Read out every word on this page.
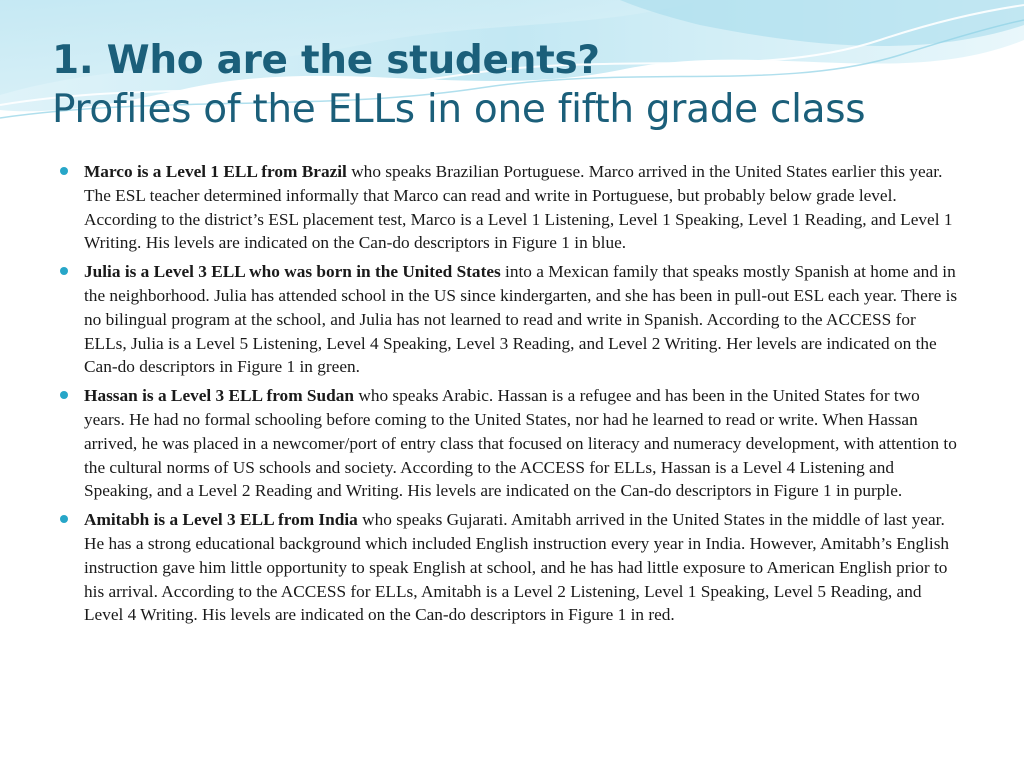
1. Who are the students?
Profiles of the ELLs in one fifth grade class
Marco is a Level 1 ELL from Brazil who speaks Brazilian Portuguese. Marco arrived in the United States earlier this year. The ESL teacher determined informally that Marco can read and write in Portuguese, but probably below grade level. According to the district’s ESL placement test, Marco is a Level 1 Listening, Level 1 Speaking, Level 1 Reading, and Level 1 Writing. His levels are indicated on the Can-do descriptors in Figure 1 in blue.
Julia is a Level 3 ELL who was born in the United States into a Mexican family that speaks mostly Spanish at home and in the neighborhood. Julia has attended school in the US since kindergarten, and she has been in pull-out ESL each year. There is no bilingual program at the school, and Julia has not learned to read and write in Spanish. According to the ACCESS for ELLs, Julia is a Level 5 Listening, Level 4 Speaking, Level 3 Reading, and Level 2 Writing. Her levels are indicated on the Can-do descriptors in Figure 1 in green.
Hassan is a Level 3 ELL from Sudan who speaks Arabic. Hassan is a refugee and has been in the United States for two years. He had no formal schooling before coming to the United States, nor had he learned to read or write. When Hassan arrived, he was placed in a newcomer/port of entry class that focused on literacy and numeracy development, with attention to the cultural norms of US schools and society. According to the ACCESS for ELLs, Hassan is a Level 4 Listening and Speaking, and a Level 2 Reading and Writing. His levels are indicated on the Can-do descriptors in Figure 1 in purple.
Amitabh is a Level 3 ELL from India who speaks Gujarati. Amitabh arrived in the United States in the middle of last year. He has a strong educational background which included English instruction every year in India. However, Amitabh’s English instruction gave him little opportunity to speak English at school, and he has had little exposure to American English prior to his arrival. According to the ACCESS for ELLs, Amitabh is a Level 2 Listening, Level 1 Speaking, Level 5 Reading, and Level 4 Writing. His levels are indicated on the Can-do descriptors in Figure 1 in red.
